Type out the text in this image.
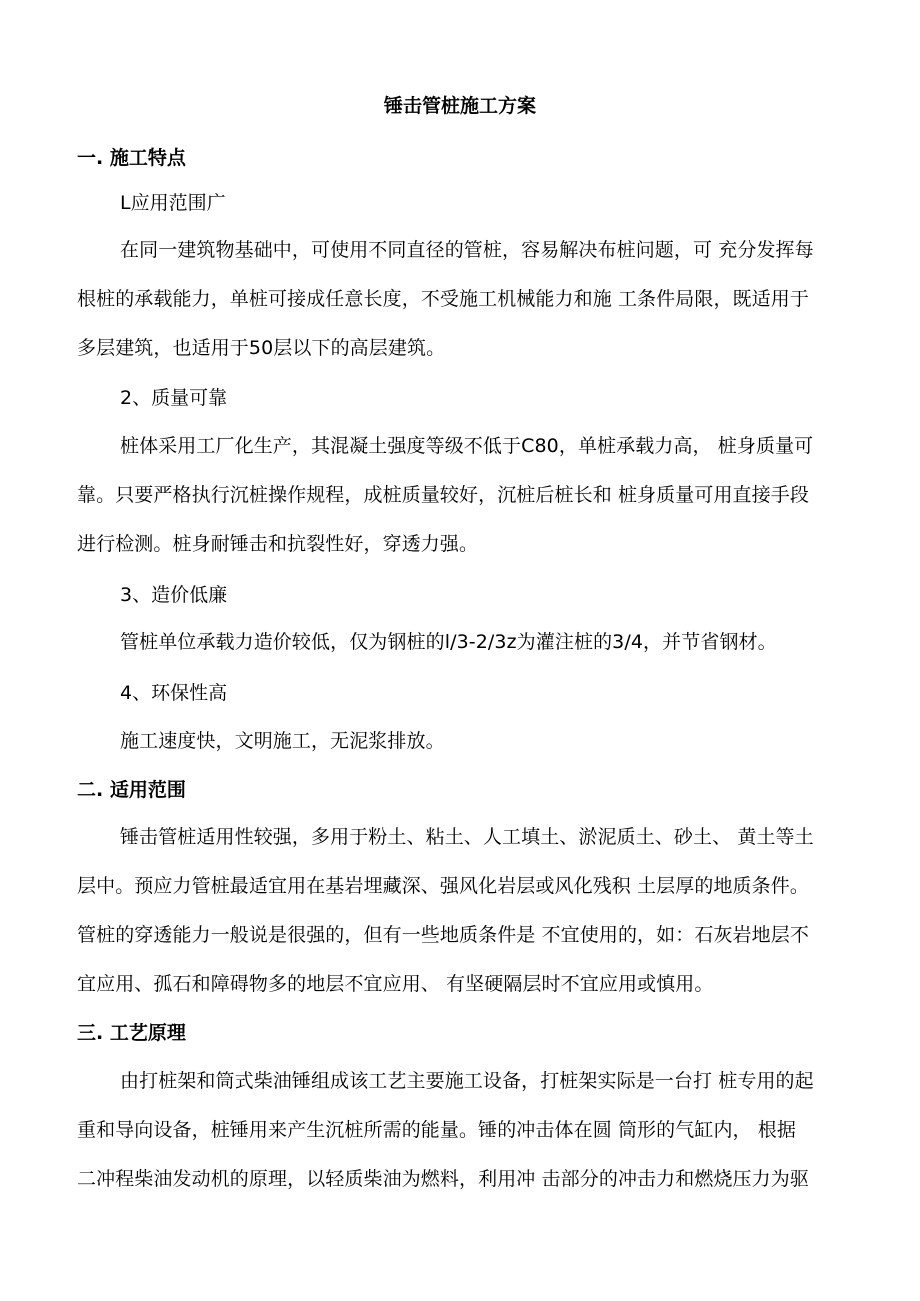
锤击管桩施工方案
一. 施工特点
L应用范围广
在同一建筑物基础中，可使用不同直径的管桩，容易解决布桩问题，可 充分发挥每
根桩的承载能力，单桩可接成任意长度，不受施工机械能力和施 工条件局限，既适用于
多层建筑，也适用于50层以下的高层建筑。
2、质量可靠
桩体采用工厂化生产，其混凝土强度等级不低于C80，单桩承载力高， 桩身质量可
靠。只要严格执行沉桩操作规程，成桩质量较好，沉桩后桩长和 桩身质量可用直接手段
进行检测。桩身耐锤击和抗裂性好，穿透力强。
3、造价低廉
管桩单位承载力造价较低，仅为钢桩的l/3-2/3z为灌注桩的3/4，并节省钢材。
4、环保性高
施工速度快，文明施工，无泥浆排放。
二. 适用范围
锤击管桩适用性较强，多用于粉土、粘土、人工填土、淤泥质土、砂土、 黄土等土
层中。预应力管桩最适宜用在基岩埋藏深、强风化岩层或风化残积 土层厚的地质条件。
管桩的穿透能力一般说是很强的，但有一些地质条件是 不宜使用的，如：石灰岩地层不
宜应用、孤石和障碍物多的地层不宜应用、 有坚硬隔层时不宜应用或慎用。
三. 工艺原理
由打桩架和筒式柴油锤组成该工艺主要施工设备，打桩架实际是一台打 桩专用的起
重和导向设备，桩锤用来产生沉桩所需的能量。锤的冲击体在圆 筒形的气缸内， 根据
二冲程柴油发动机的原理，以轻质柴油为燃料，利用冲 击部分的冲击力和燃烧压力为驱
